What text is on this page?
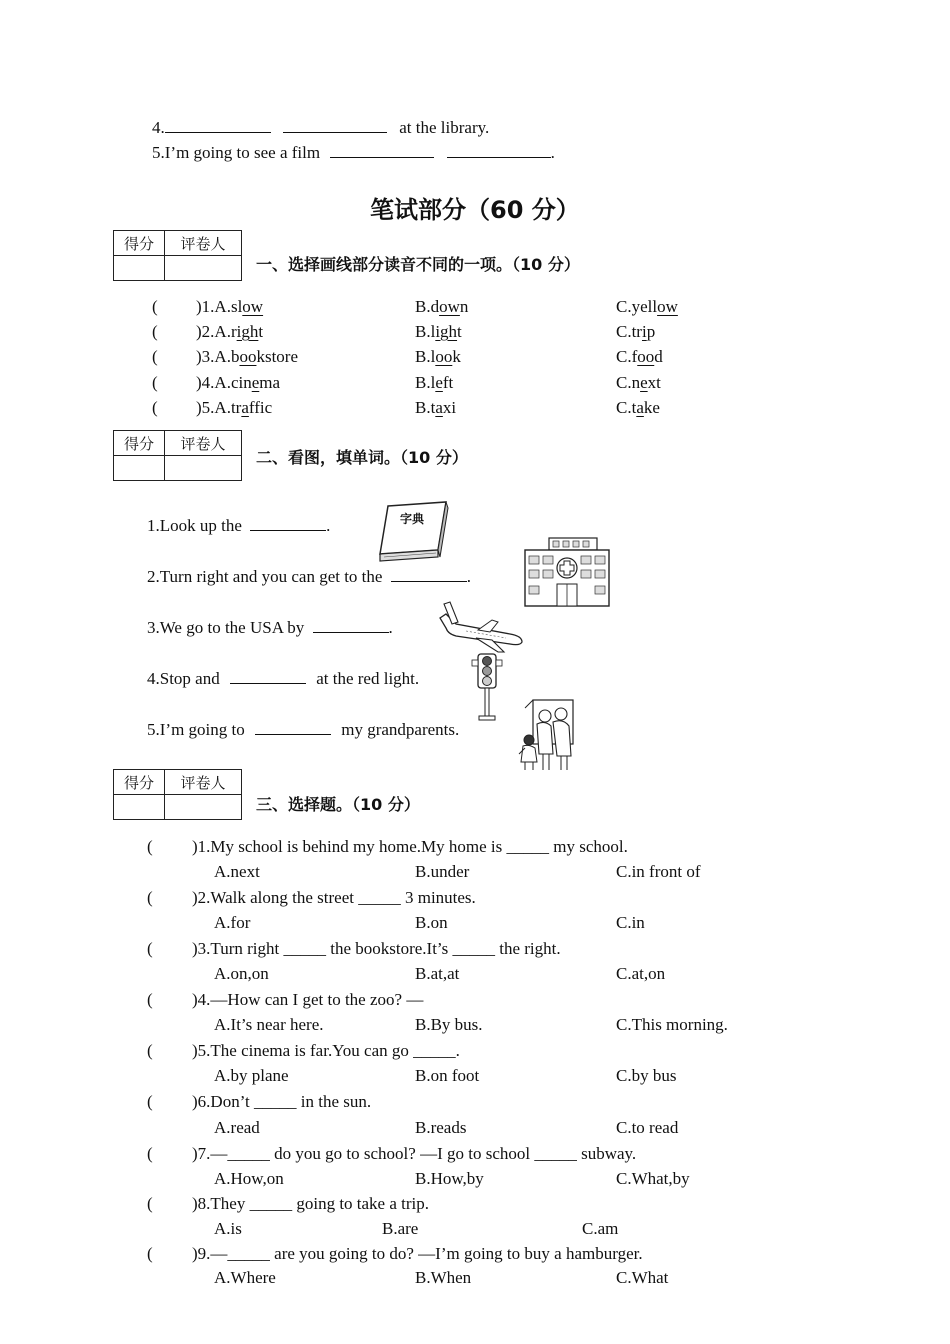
4.	at the library.
5.I’m going to see a film	.
笔试部分（60 分）
得分	评卷人

一、选择画线部分读音不同的一项。（10 分）
( )1.A.slow	B.down	C.yellow
( )2.A.right	B.light	C.trip
( )3.A.bookstore	B.look	C.food
( )4.A.cinema	B.left	C.next
( )5.A.traffic	B.taxi	C.take
得分	评卷人

二、看图，填单词。（10 分）
1.Look up the	.
2.Turn right and you can get to the	.
3.We go to the USA by	.
4.Stop and	at the red light.
5.I’m going to	my grandparents.
字典
得分	评卷人

三、选择题。（10 分）
( )1.My school is behind my home.My home is _____ my school.
A.next	B.under	C.in front of
( )2.Walk along the street _____ 3 minutes.
A.for	B.on	C.in
( )3.Turn right _____ the bookstore.It’s _____ the right.
A.on,on	B.at,at	C.at,on
( )4.—How can I get to the zoo? —
A.It’s near here.	B.By bus.	C.This morning.
( )5.The cinema is far.You can go _____.
A.by plane	B.on foot	C.by bus
( )6.Don’t _____ in the sun.
A.read	B.reads	C.to read
( )7.—_____ do you go to school? —I go to school _____ subway.
A.How,on	B.How,by	C.What,by
( )8.They _____ going to take a trip.
A.is	B.are	C.am
( )9.—_____ are you going to do? —I’m going to buy a hamburger.
A.Where	B.When	C.What
